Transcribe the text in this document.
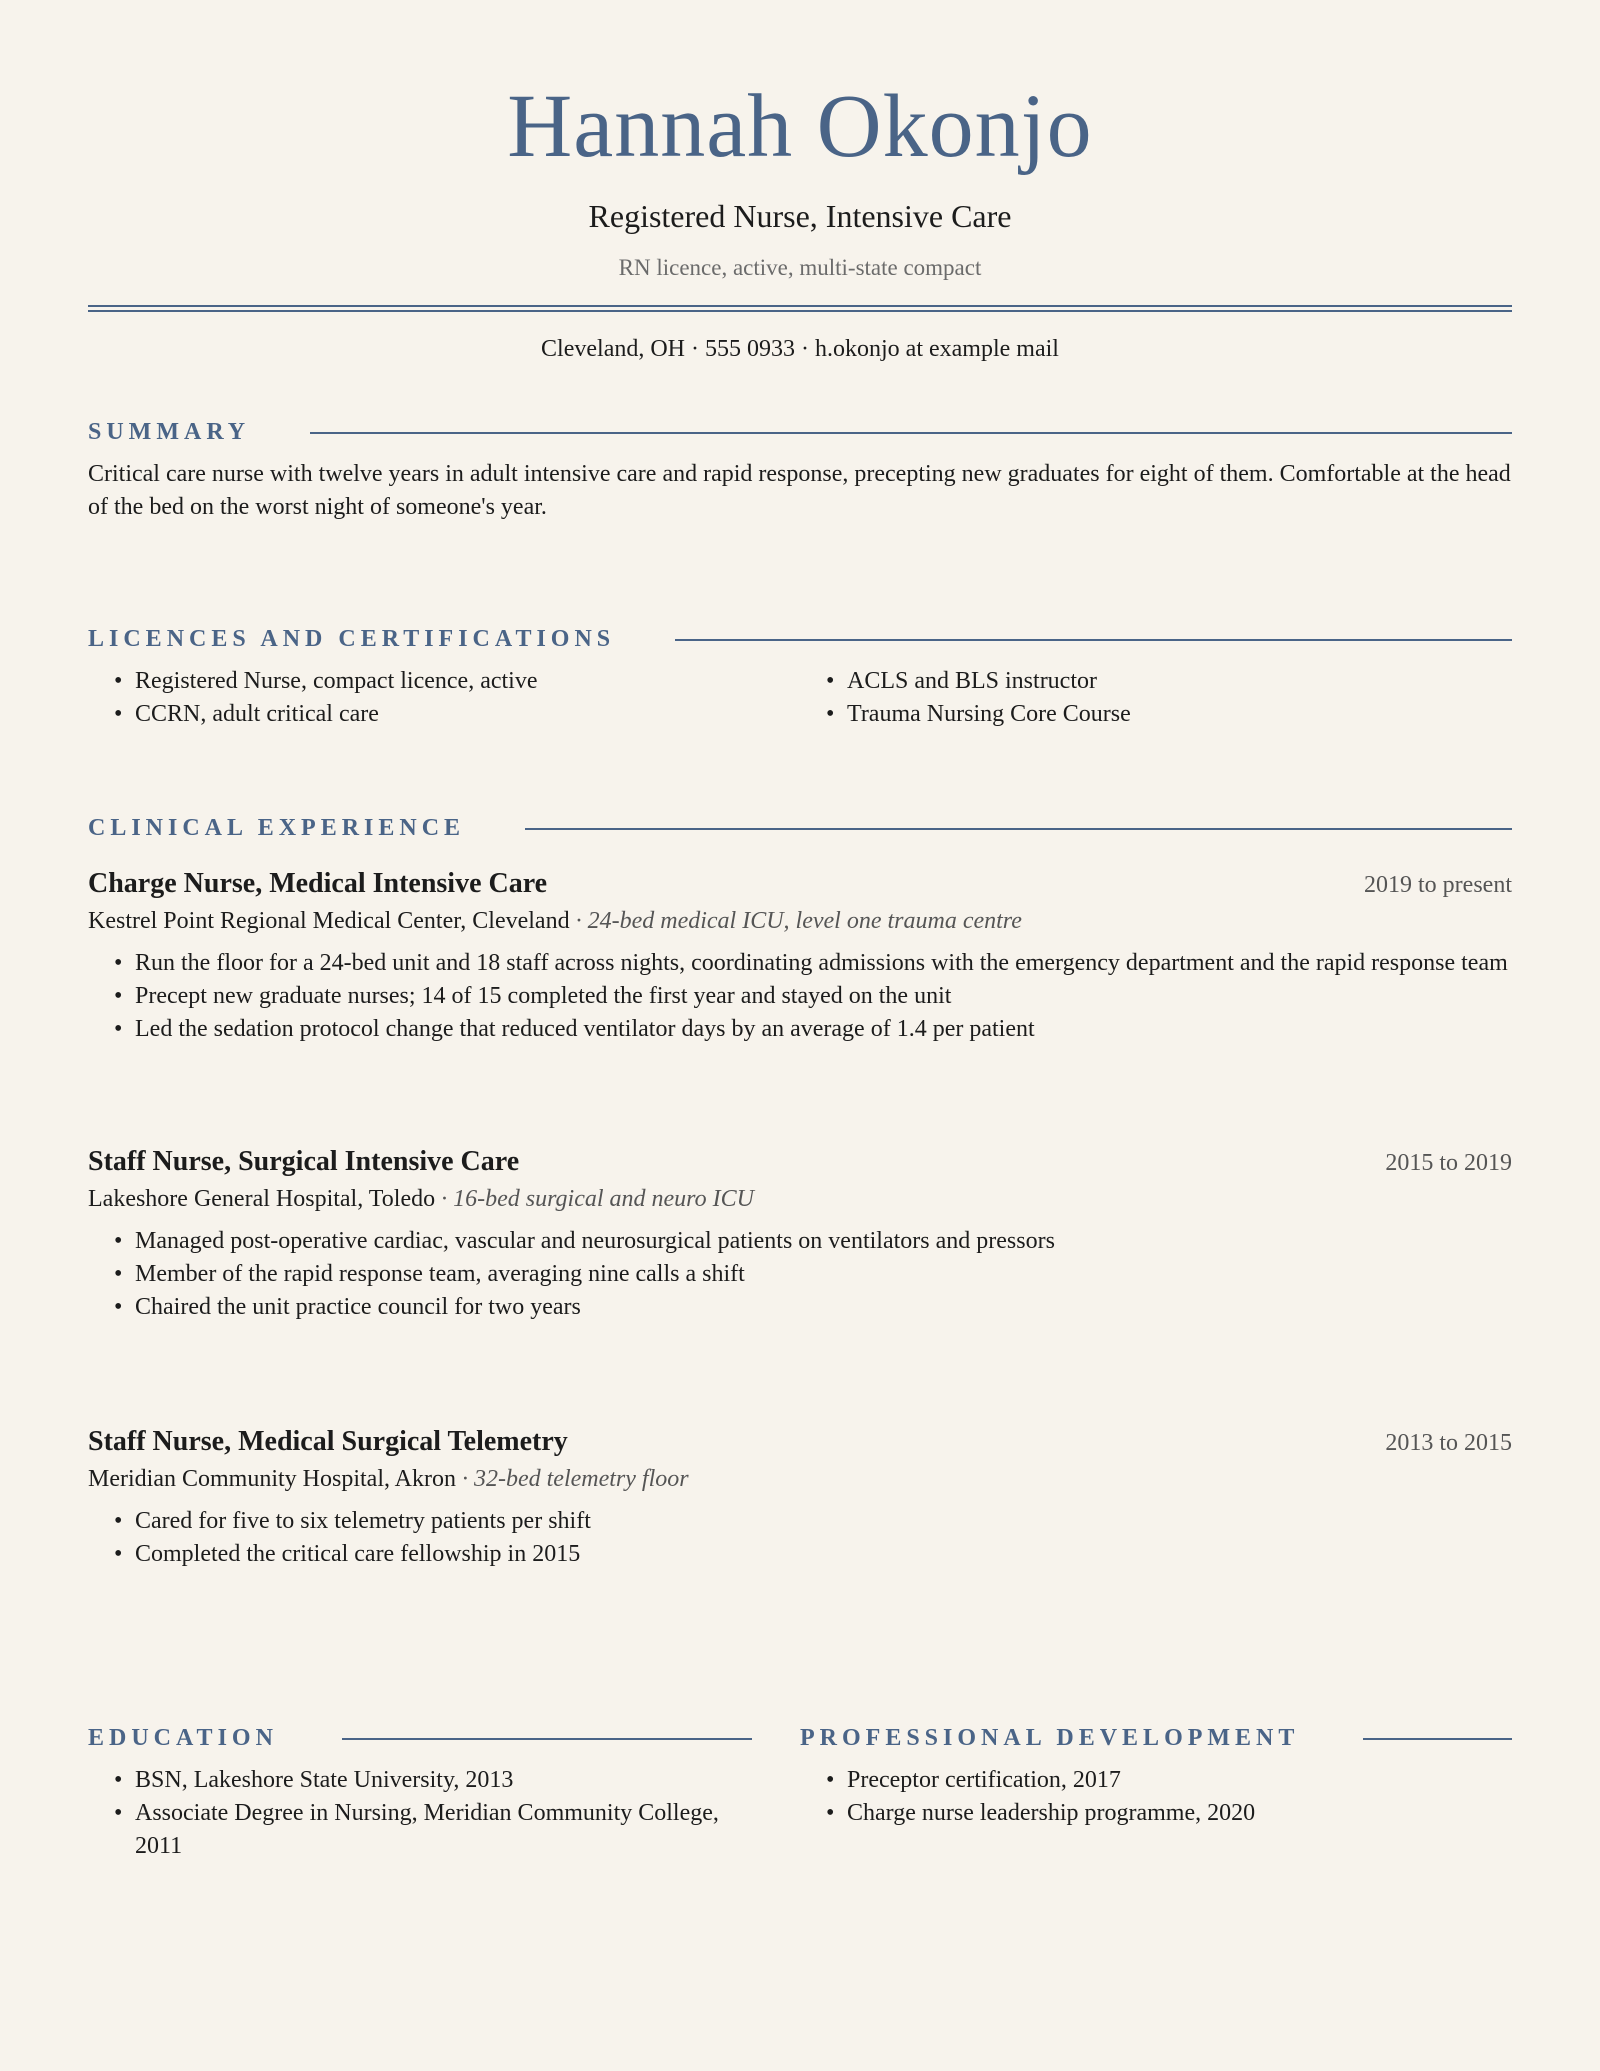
Hannah Okonjo
Registered Nurse, Intensive Care
RN licence, active, multi-state compact
Cleveland, OH · 555 0933 · h.okonjo at example mail
SUMMARY

Critical care nurse with twelve years in adult intensive care and rapid response, precepting new graduates for eight of them. Comfortable at the head of the bed on the worst night of someone's year.

LICENCES AND CERTIFICATIONS
• Registered Nurse, compact licence, active
• CCRN, adult critical care
• ACLS and BLS instructor
• Trauma Nursing Core Course
CLINICAL EXPERIENCE
Charge Nurse, Medical Intensive Care	2019 to present
Kestrel Point Regional Medical Center, Cleveland · 24-bed medical ICU, level one trauma centre
• Run the floor for a 24-bed unit and 18 staff across nights, coordinating admissions with the emergency department and the rapid response team
• Precept new graduate nurses; 14 of 15 completed the first year and stayed on the unit
• Led the sedation protocol change that reduced ventilator days by an average of 1.4 per patient
Staff Nurse, Surgical Intensive Care	2015 to 2019
Lakeshore General Hospital, Toledo · 16-bed surgical and neuro ICU
• Managed post-operative cardiac, vascular and neurosurgical patients on ventilators and pressors
• Member of the rapid response team, averaging nine calls a shift
• Chaired the unit practice council for two years
Staff Nurse, Medical Surgical Telemetry	2013 to 2015
Meridian Community Hospital, Akron · 32-bed telemetry floor
• Cared for five to six telemetry patients per shift
• Completed the critical care fellowship in 2015
EDUCATION
• BSN, Lakeshore State University, 2013
• Associate Degree in Nursing, Meridian Community College, 2011
PROFESSIONAL DEVELOPMENT
• Preceptor certification, 2017
• Charge nurse leadership programme, 2020
